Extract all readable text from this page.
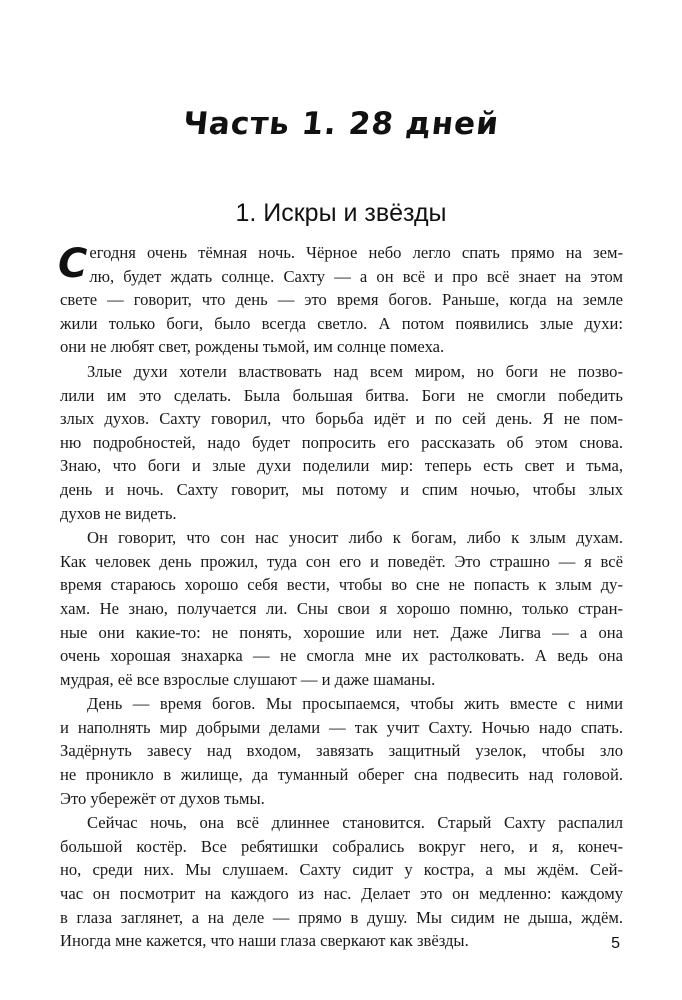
Часть 1. 28 дней
1. Искры и звёзды
С егодня очень тёмная ночь. Чёрное небо легло спать прямо на зем-
лю, будет ждать солнце. Сахту — а он всё и про всё знает на этом
свете — говорит, что день — это время богов. Раньше, когда на земле
жили только боги, было всегда светло. А потом появились злые духи:
они не любят свет, рождены тьмой, им солнце помеха.
Злые духи хотели властвовать над всем миром, но боги не позво-
лили им это сделать. Была большая битва. Боги не смогли победить
злых духов. Сахту говорил, что борьба идёт и по сей день. Я не пом-
ню подробностей, надо будет попросить его рассказать об этом снова.
Знаю, что боги и злые духи поделили мир: теперь есть свет и тьма,
день и ночь. Сахту говорит, мы потому и спим ночью, чтобы злых
духов не видеть.
Он говорит, что сон нас уносит либо к богам, либо к злым духам.
Как человек день прожил, туда сон его и поведёт. Это страшно — я всё
время стараюсь хорошо себя вести, чтобы во сне не попасть к злым ду-
хам. Не знаю, получается ли. Сны свои я хорошо помню, только стран-
ные они какие-то: не понять, хорошие или нет. Даже Лигва — а она
очень хорошая знахарка — не смогла мне их растолковать. А ведь она
мудрая, её все взрослые слушают — и даже шаманы.
День — время богов. Мы просыпаемся, чтобы жить вместе с ними
и наполнять мир добрыми делами — так учит Сахту. Ночью надо спать.
Задёрнуть завесу над входом, завязать защитный узелок, чтобы зло
не проникло в жилище, да туманный оберег сна подвесить над головой.
Это убережёт от духов тьмы.
Сейчас ночь, она всё длиннее становится. Старый Сахту распалил
большой костёр. Все ребятишки собрались вокруг него, и я, конеч-
но, среди них. Мы слушаем. Сахту сидит у костра, а мы ждём. Сей-
час он посмотрит на каждого из нас. Делает это он медленно: каждому
в глаза заглянет, а на деле — прямо в душу. Мы сидим не дыша, ждём.
Иногда мне кажется, что наши глаза сверкают как звёзды.	5
